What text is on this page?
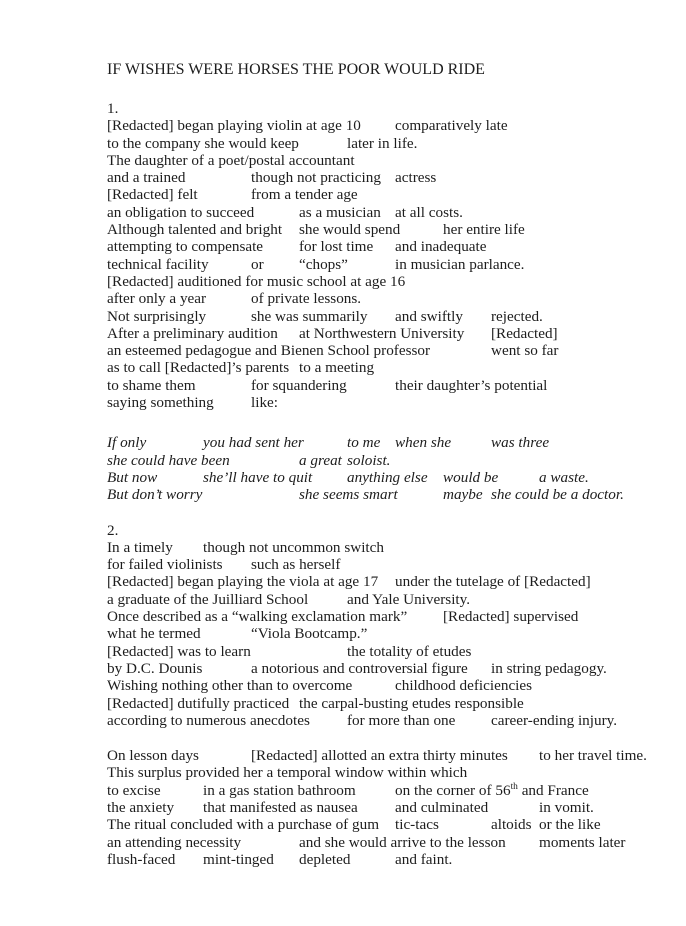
IF WISHES WERE HORSES THE POOR WOULD RIDE
1.
[Redacted] began playing violin at age 10	comparatively late
to the company she would keep	later in life.
The daughter of a poet/postal accountant
and a trained		though not practicing	actress
[Redacted] felt		from a tender age
an obligation to succeed	as a musician	at all costs.
Although talented and bright	she would spend	her entire life
attempting to compensate	for lost time	and inadequate
technical facility	or	“chops”	in musician parlance.
[Redacted] auditioned for music school at age 16
after only a year	of private lessons.
Not surprisingly	she was summarily	and swiftly	rejected.
After a preliminary audition	at Northwestern University	[Redacted]
an esteemed pedagogue and Bienen School professor		went so far
as to call [Redacted]’s parents	to a meeting
to shame them		for squandering	their daughter’s potential
saying something	like:
If only		you had sent her	to me	when she	was three
she could have been		a great	soloist.
But now	she’ll have to quit	anything else	would be	a waste.
But don’t worry		she seems smart	maybe	she could be a doctor.
2.
In a timely	though not uncommon switch
for failed violinists	such as herself
[Redacted] began playing the viola at age 17	under the tutelage of [Redacted]
a graduate of the Juilliard School	and Yale University.
Once described as a “walking exclamation mark”	[Redacted] supervised
what he termed		“Viola Bootcamp.”
[Redacted] was to learn		the totality of etudes
by D.C. Dounis	a notorious and controversial figure	in string pedagogy.
Wishing nothing other than to overcome	childhood deficiencies
[Redacted] dutifully practiced	the carpal-busting etudes responsible
according to numerous anecdotes	for more than one	career-ending injury.
On lesson days		[Redacted] allotted an extra thirty minutes	to her travel time.
This surplus provided her a temporal window within which
to excise	in a gas station bathroom	on the corner of 56th and France
the anxiety	that manifested as nausea	and culminated		in vomit.
The ritual concluded with a purchase of gum	tic-tacs		altoids	or the like
an attending necessity		and she would arrive to the lesson	moments later
flush-faced	mint-tinged	depleted	and faint.
